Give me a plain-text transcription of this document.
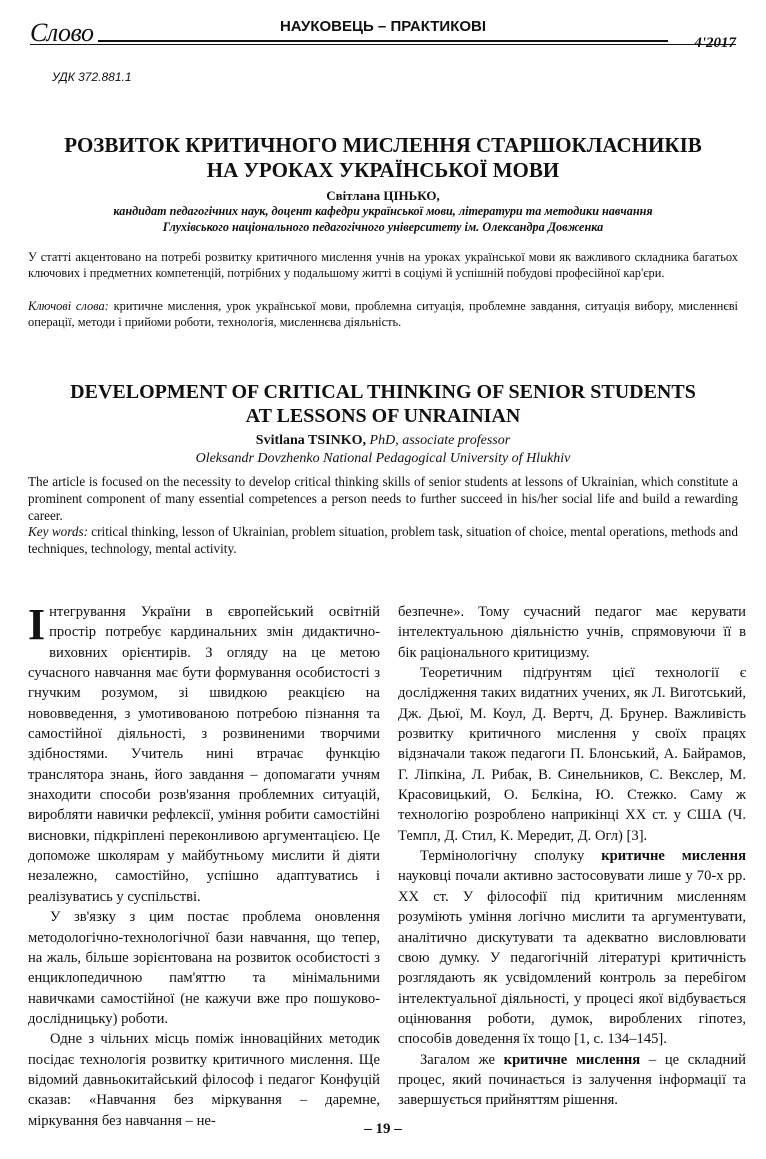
Слово	НАУКОВЕЦЬ – ПРАКТИКОВІ
4'2017
УДК 372.881.1
РОЗВИТОК КРИТИЧНОГО МИСЛЕННЯ СТАРШОКЛАСНИКІВ
НА УРОКАХ УКРАЇНСЬКОЇ МОВИ
Світлана ЦІНЬКО,
кандидат педагогічних наук, доцент кафедри української мови, літератури та методики навчання
Глухівського національного педагогічного університету ім. Олександра Довженка
У статті акцентовано на потребі розвитку критичного мислення учнів на уроках української мови як важливого складника багатьох ключових і предметних компетенцій, потрібних у подальшому житті в соціумі й успішній побудові професійної кар'єри.
Ключові слова: критичне мислення, урок української мови, проблемна ситуація, проблемне завдання, ситуація вибору, мисленнєві операції, методи і прийоми роботи, технологія, мисленнєва діяльність.
DEVELOPMENT OF CRITICAL THINKING OF SENIOR STUDENTS
AT LESSONS OF UNRAINIAN
Svitlana TSINKO, PhD, associate professor
Oleksandr Dovzhenko National Pedagogical University of Hlukhiv
The article is focused on the necessity to develop critical thinking skills of senior students at lessons of Ukrainian, which constitute a prominent component of many essential competences a person needs to further succeed in his/her social life and build a rewarding career.
Key words: critical thinking, lesson of Ukrainian, problem situation, problem task, situation of choice, mental operations, methods and techniques, technology, mental activity.

Інтегрування України в європейський освітній простір потребує кардинальних змін дидактично-виховних орієнтирів. З огляду на це метою сучасного навчання має бути формування особистості з гнучким розумом, зі швидкою реакцією на нововведення, з умотивованою потребою пізнання та самостійної діяльності, з розвиненими творчими здібностями. Учитель нині втрачає функцію транслятора знань, його завдання – допомагати учням знаходити способи розв'язання проблемних ситуацій, виробляти навички рефлексії, уміння робити самостійні висновки, підкріплені переконливою аргументацією. Це допоможе школярам у майбутньому мислити й діяти незалежно, самостійно, успішно адаптуватись і реалізуватись у суспільстві.

У зв'язку з цим постає проблема оновлення методологічно-технологічної бази навчання, що тепер, на жаль, більше зорієнтована на розвиток особистості з енциклопедичною пам'яттю та мінімальними навичками самостійної (не кажучи вже про пошуково-дослідницьку) роботи.

Одне з чільних місць поміж інноваційних методик посідає технологія розвитку критичного мислення. Ще відомий давньокитайський філософ і педагог Конфуцій сказав: «Навчання без міркування – даремне, міркування без навчання – не-

безпечне». Тому сучасний педагог має керувати інтелектуальною діяльністю учнів, спрямовуючи її в бік раціонального критицизму.

Теоретичним підґрунтям цієї технології є дослідження таких видатних учених, як Л. Виготський, Дж. Дьюї, М. Коул, Д. Вертч, Д. Брунер. Важливість розвитку критичного мислення у своїх працях відзначали також педагоги П. Блонський, А. Байрамов, Г. Ліпкіна, Л. Рибак, В. Синельников, С. Векслер, М. Красовицький, О. Бєлкіна, Ю. Стежко. Саму ж технологію розроблено наприкінці XX ст. у США (Ч. Темпл, Д. Стил, К. Мередит, Д. Огл) [3].

Термінологічну сполуку критичне мислення науковці почали активно застосовувати лише у 70-х рр. XX ст. У філософії під критичним мисленням розуміють уміння логічно мислити та аргументувати, аналітично дискутувати та адекватно висловлювати свою думку. У педагогічній літературі критичність розглядають як усвідомлений контроль за перебігом інтелектуальної діяльності, у процесі якої відбувається оцінювання роботи, думок, вироблених гіпотез, способів доведення їх тощо [1, с. 134–145].

Загалом же критичне мислення – це складний процес, який починається із залучення інформації та завершується прийняттям рішення.

– 19 –
